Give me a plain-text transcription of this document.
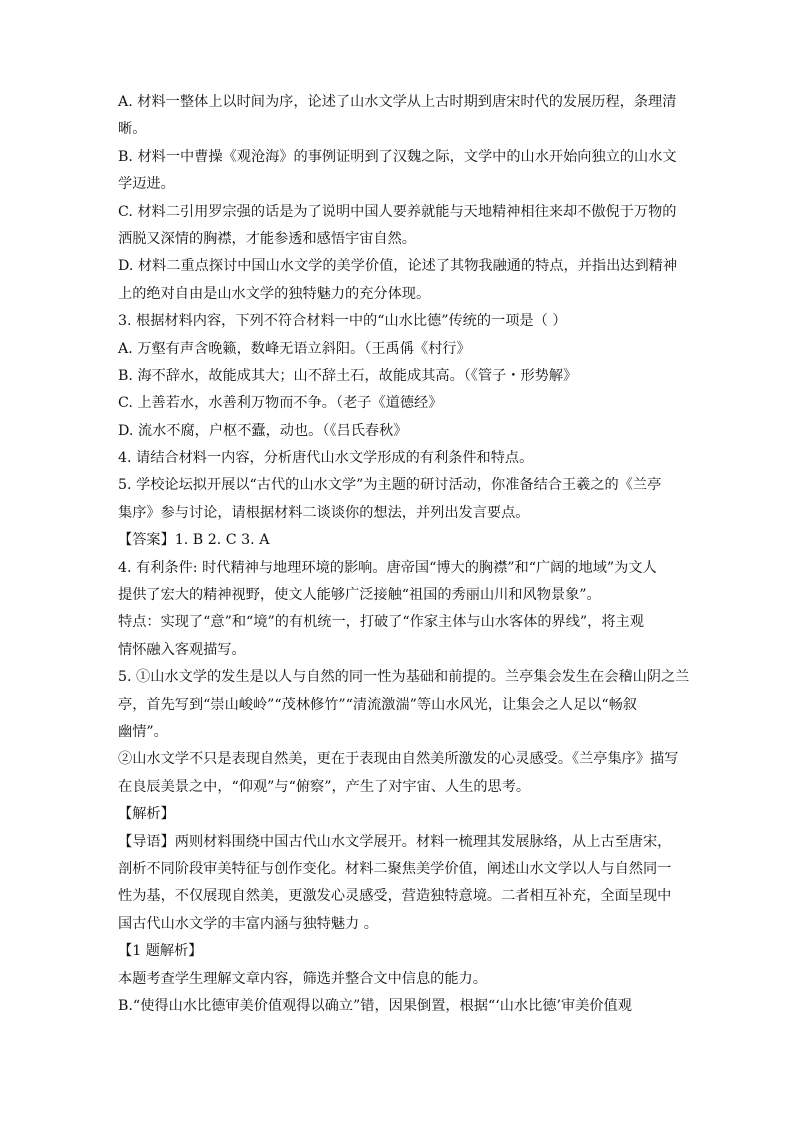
A. 材料一整体上以时间为序，论述了山水文学从上古时期到唐宋时代的发展历程，条理清
晰。
B. 材料一中曹操《观沧海》的事例证明到了汉魏之际，文学中的山水开始向独立的山水文
学迈进。
C. 材料二引用罗宗强的话是为了说明中国人要养就能与天地精神相往来却不傲倪于万物的
洒脱又深情的胸襟，才能参透和感悟宇宙自然。
D. 材料二重点探讨中国山水文学的美学价值，论述了其物我融通的特点，并指出达到精神
上的绝对自由是山水文学的独特魅力的充分体现。
3. 根据材料内容，下列不符合材料一中的“山水比德”传统的一项是（ ）
A. 万壑有声含晚籁，数峰无语立斜阳。（王禹偁《村行》
B. 海不辞水，故能成其大；山不辞土石，故能成其高。（《管子・形势解》
C. 上善若水，水善利万物而不争。（老子《道德经》
D. 流水不腐，户枢不蠹，动也。（《吕氏春秋》
4. 请结合材料一内容，分析唐代山水文学形成的有利条件和特点。
5. 学校论坛拟开展以“古代的山水文学”为主题的研讨活动，你准备结合王羲之的《兰亭
集序》参与讨论，请根据材料二谈谈你的想法，并列出发言要点。
【答案】1. B 2. C 3. A
4. 有利条件: 时代精神与地理环境的影响。唐帝国“博大的胸襟”和“广阔的地域”为文人
提供了宏大的精神视野，使文人能够广泛接触“祖国的秀丽山川和风物景象”。
特点：实现了“意”和“境”的有机统一，打破了“作家主体与山水客体的界线”，将主观
情怀融入客观描写。
5. ①山水文学的发生是以人与自然的同一性为基础和前提的。兰亭集会发生在会稽山阴之兰
亭，首先写到“崇山峻岭”“茂林修竹”“清流激湍”等山水风光，让集会之人足以“畅叙
幽情”。
②山水文学不只是表现自然美，更在于表现由自然美所激发的心灵感受。《兰亭集序》描写
在良辰美景之中，“仰观”与“俯察”，产生了对宇宙、人生的思考。
【解析】
【导语】两则材料围绕中国古代山水文学展开。材料一梳理其发展脉络，从上古至唐宋，
剖析不同阶段审美特征与创作变化。材料二聚焦美学价值，阐述山水文学以人与自然同一
性为基，不仅展现自然美，更激发心灵感受，营造独特意境。二者相互补充，全面呈现中
国古代山水文学的丰富内涵与独特魅力 。
【1 题解析】
本题考查学生理解文章内容，筛选并整合文中信息的能力。
B.“使得山水比德审美价值观得以确立”错，因果倒置，根据“‘山水比德’审美价值观
